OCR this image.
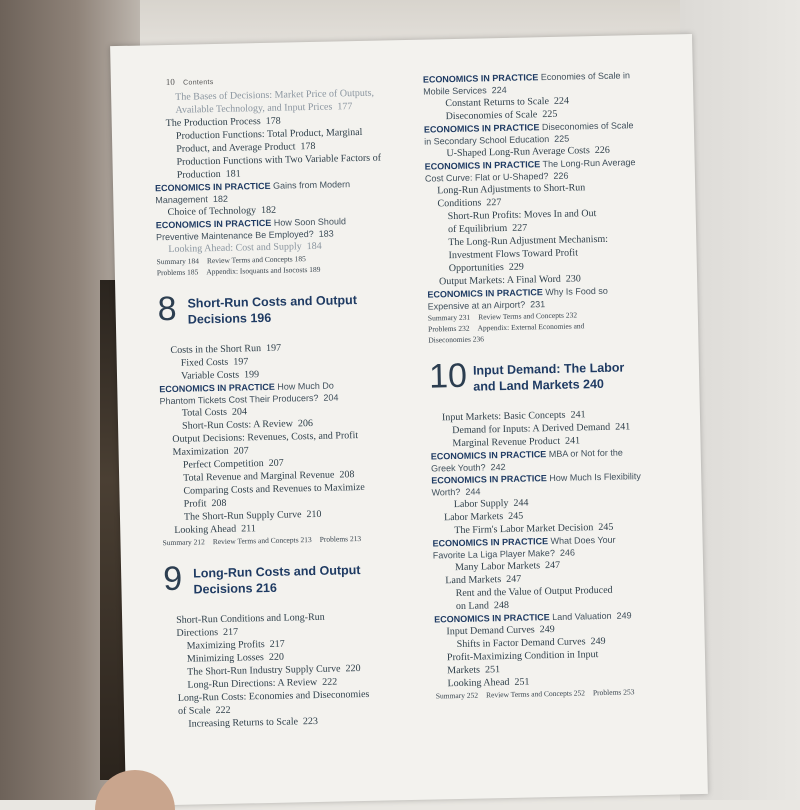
10 Contents
The Bases of Decisions: Market Price of Outputs,
Available Technology, and Input Prices 177
The Production Process 178
Production Functions: Total Product, Marginal
Product, and Average Product 178
Production Functions with Two Variable Factors of
Production 181
ECONOMICS IN PRACTICE Gains from Modern
Management 182
Choice of Technology 182
ECONOMICS IN PRACTICE How Soon Should
Preventive Maintenance Be Employed? 183
Looking Ahead: Cost and Supply 184
Summary 184 Review Terms and Concepts 185
Problems 185 Appendix: Isoquants and Isocosts 189
8 Short-Run Costs and Output
Decisions 196
Costs in the Short Run 197
Fixed Costs 197
Variable Costs 199
ECONOMICS IN PRACTICE How Much Do
Phantom Tickets Cost Their Producers? 204
Total Costs 204
Short-Run Costs: A Review 206
Output Decisions: Revenues, Costs, and Profit
Maximization 207
Perfect Competition 207
Total Revenue and Marginal Revenue 208
Comparing Costs and Revenues to Maximize
Profit 208
The Short-Run Supply Curve 210
Looking Ahead 211
Summary 212 Review Terms and Concepts 213 Problems 213
9 Long-Run Costs and Output
Decisions 216
Short-Run Conditions and Long-Run
Directions 217
Maximizing Profits 217
Minimizing Losses 220
The Short-Run Industry Supply Curve 220
Long-Run Directions: A Review 222
Long-Run Costs: Economies and Diseconomies
of Scale 222
Increasing Returns to Scale 223
ECONOMICS IN PRACTICE Economies of Scale in
Mobile Services 224
Constant Returns to Scale 224
Diseconomies of Scale 225
ECONOMICS IN PRACTICE Diseconomies of Scale
in Secondary School Education 225
U-Shaped Long-Run Average Costs 226
ECONOMICS IN PRACTICE The Long-Run Average
Cost Curve: Flat or U-Shaped? 226
Long-Run Adjustments to Short-Run
Conditions 227
Short-Run Profits: Moves In and Out
of Equilibrium 227
The Long-Run Adjustment Mechanism:
Investment Flows Toward Profit
Opportunities 229
Output Markets: A Final Word 230
ECONOMICS IN PRACTICE Why Is Food so
Expensive at an Airport? 231
Summary 231 Review Terms and Concepts 232
Problems 232 Appendix: External Economies and
Diseconomies 236
10 Input Demand: The Labor
and Land Markets 240
Input Markets: Basic Concepts 241
Demand for Inputs: A Derived Demand 241
Marginal Revenue Product 241
ECONOMICS IN PRACTICE MBA or Not for the
Greek Youth? 242
ECONOMICS IN PRACTICE How Much Is Flexibility
Worth? 244
Labor Supply 244
Labor Markets 245
The Firm's Labor Market Decision 245
ECONOMICS IN PRACTICE What Does Your
Favorite La Liga Player Make? 246
Many Labor Markets 247
Land Markets 247
Rent and the Value of Output Produced
on Land 248
ECONOMICS IN PRACTICE Land Valuation 249
Input Demand Curves 249
Shifts in Factor Demand Curves 249
Profit-Maximizing Condition in Input
Markets 251
Looking Ahead 251
Summary 252 Review Terms and Concepts 252 Problems 253
